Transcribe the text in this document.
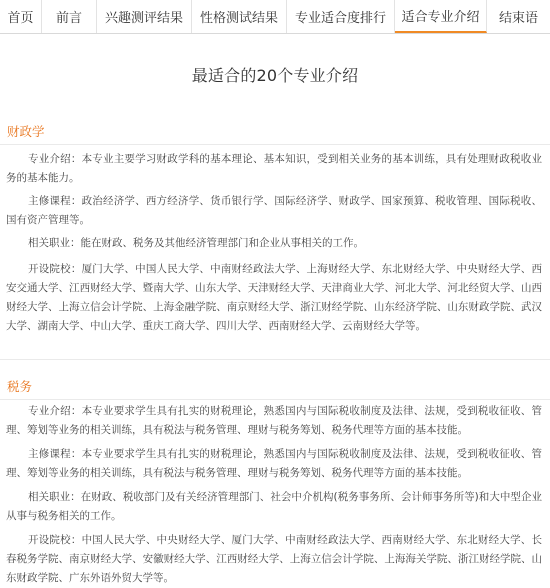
首页	前言	兴趣测评结果	性格测试结果	专业适合度排行	适合专业介绍	结束语
最适合的20个专业介绍
财政学
专业介绍：本专业主要学习财政学科的基本理论、基本知识，受到相关业务的基本训练，具有处理财政税收业务的基本能力。
主修课程：政治经济学、西方经济学、货币银行学、国际经济学、财政学、国家预算、税收管理、国际税收、国有资产管理等。
相关职业：能在财政、税务及其他经济管理部门和企业从事相关的工作。
开设院校：厦门大学、中国人民大学、中南财经政法大学、上海财经大学、东北财经大学、中央财经大学、西安交通大学、江西财经大学、暨南大学、山东大学、天津财经大学、天津商业大学、河北大学、河北经贸大学、山西财经大学、上海立信会计学院、上海金融学院、南京财经大学、浙江财经学院、山东经济学院、山东财政学院、武汉大学、湖南大学、中山大学、重庆工商大学、四川大学、西南财经大学、云南财经大学等。
税务
专业介绍：本专业要求学生具有扎实的财税理论，熟悉国内与国际税收制度及法律、法规，受到税收征收、管理、筹划等业务的相关训练，具有税法与税务管理、理财与税务筹划、税务代理等方面的基本技能。
主修课程：本专业要求学生具有扎实的财税理论，熟悉国内与国际税收制度及法律、法规，受到税收征收、管理、筹划等业务的相关训练，具有税法与税务管理、理财与税务筹划、税务代理等方面的基本技能。
相关职业：在财政、税收部门及有关经济管理部门、社会中介机构(税务事务所、会计师事务所等)和大中型企业从事与税务相关的工作。
开设院校：中国人民大学、中央财经大学、厦门大学、中南财经政法大学、西南财经大学、东北财经大学、长春税务学院、南京财经大学、安徽财经大学、江西财经大学、上海立信会计学院、上海海关学院、浙江财经学院、山东财政学院、广东外语外贸大学等。
